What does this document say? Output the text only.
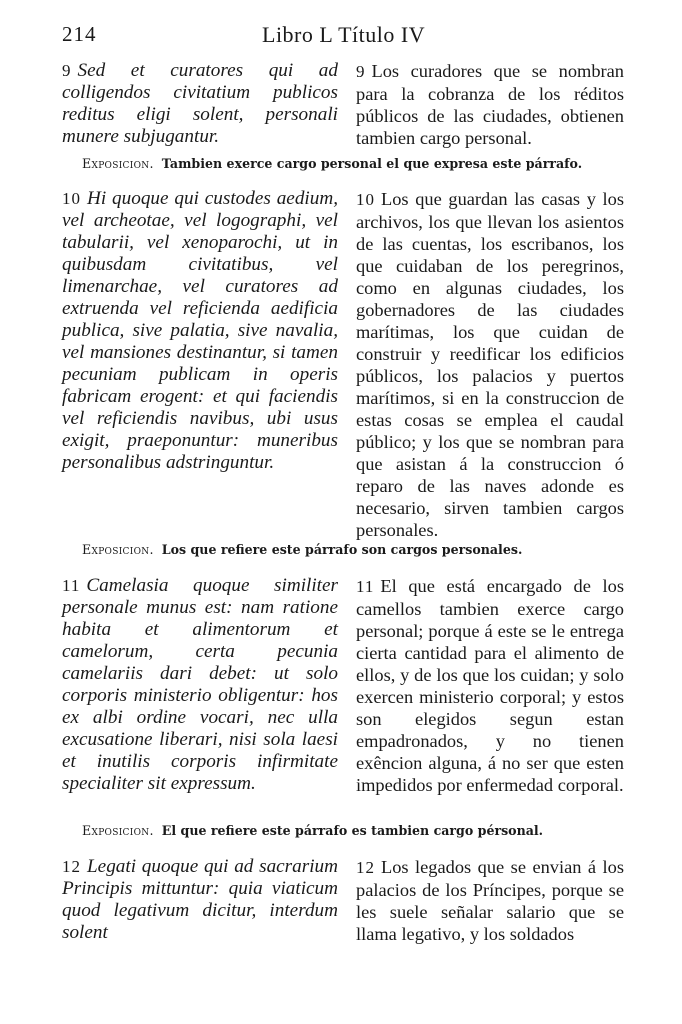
214	Libro L Título IV
9 Sed et curatores qui ad colligendos civitatium publicos reditus eligi solent, personali munere subjugantur.
9 Los curadores que se nombran para la cobranza de los réditos públicos de las ciudades, obtienen tambien cargo personal.
Exposicion. Tambien exerce cargo personal el que expresa este párrafo.
10 Hi quoque qui custodes aedium, vel archeotae, vel logographi, vel tabularii, vel xenoparochi, ut in quibusdam civitatibus, vel limenarchae, vel curatores ad extruenda vel reficienda aedificia publica, sive palatia, sive navalia, vel mansiones destinantur, si tamen pecuniam publicam in operis fabricam erogent: et qui faciendis vel reficiendis navibus, ubi usus exigit, praeponuntur: muneribus personalibus adstringuntur.
10 Los que guardan las casas y los archivos, los que llevan los asientos de las cuentas, los escribanos, los que cuidaban de los peregrinos, como en algunas ciudades, los gobernadores de las ciudades marítimas, los que cuidan de construir y reedificar los edificios públicos, los palacios y puertos marítimos, si en la construccion de estas cosas se emplea el caudal público; y los que se nombran para que asistan á la construccion ó reparo de las naves adonde es necesario, sirven tambien cargos personales.
Exposicion. Los que refiere este párrafo son cargos personales.
11 Camelasia quoque similiter personale munus est: nam ratione habita et alimentorum et camelorum, certa pecunia camelariis dari debet: ut solo corporis ministerio obligentur: hos ex albi ordine vocari, nec ulla excusatione liberari, nisi sola laesi et inutilis corporis infirmitate specialiter sit expressum.
11 El que está encargado de los camellos tambien exerce cargo personal; porque á este se le entrega cierta cantidad para el alimento de ellos, y de los que los cuidan; y solo exercen ministerio corporal; y estos son elegidos segun estan empadronados, y no tienen exêncion alguna, á no ser que esten impedidos por enfermedad corporal.
Exposicion. El que refiere este párrafo es tambien cargo pérsonal.
12 Legati quoque qui ad sacrarium Principis mittuntur: quia viaticum quod legativum dicitur, interdum solent
12 Los legados que se envian á los palacios de los Príncipes, porque se les suele señalar salario que se llama legativo, y los soldados
